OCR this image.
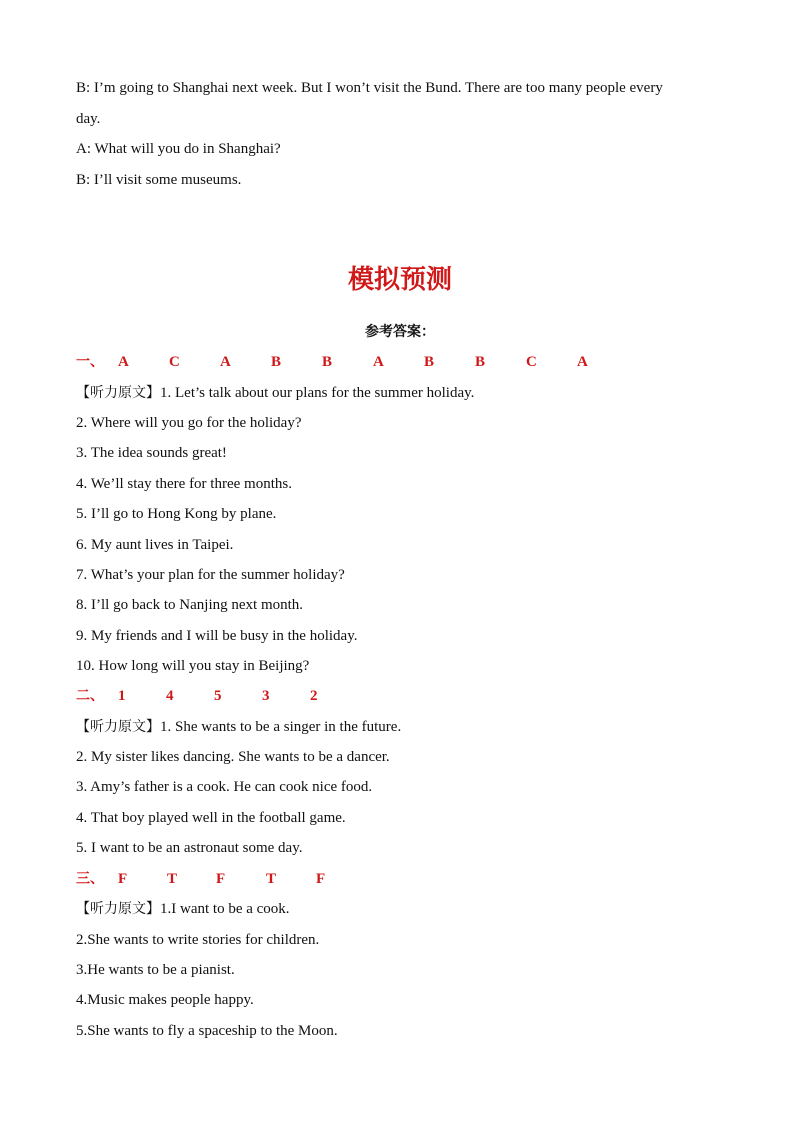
B: I’m going to Shanghai next week. But I won’t visit the Bund. There are too many people every
day.
A: What will you do in Shanghai?
B: I’ll visit some museums.
模拟预测
参考答案：
一、 A	C	A	B	B	A	B	B	C	A
【听力原文】1. Let’s talk about our plans for the summer holiday.
2. Where will you go for the holiday?
3. The idea sounds great!
4. We’ll stay there for three months.
5. I’ll go to Hong Kong by plane.
6. My aunt lives in Taipei.
7. What’s your plan for the summer holiday?
8. I’ll go back to Nanjing next month.
9. My friends and I will be busy in the holiday.
10. How long will you stay in Beijing?
二、 1	4	5	3	2
【听力原文】1. She wants to be a singer in the future.
2. My sister likes dancing. She wants to be a dancer.
3. Amy’s father is a cook. He can cook nice food.
4. That boy played well in the football game.
5. I want to be an astronaut some day.
三、 F	T	F	T	F
【听力原文】1.I want to be a cook.
2.She wants to write stories for children.
3.He wants to be a pianist.
4.Music makes people happy.
5.She wants to fly a spaceship to the Moon.
